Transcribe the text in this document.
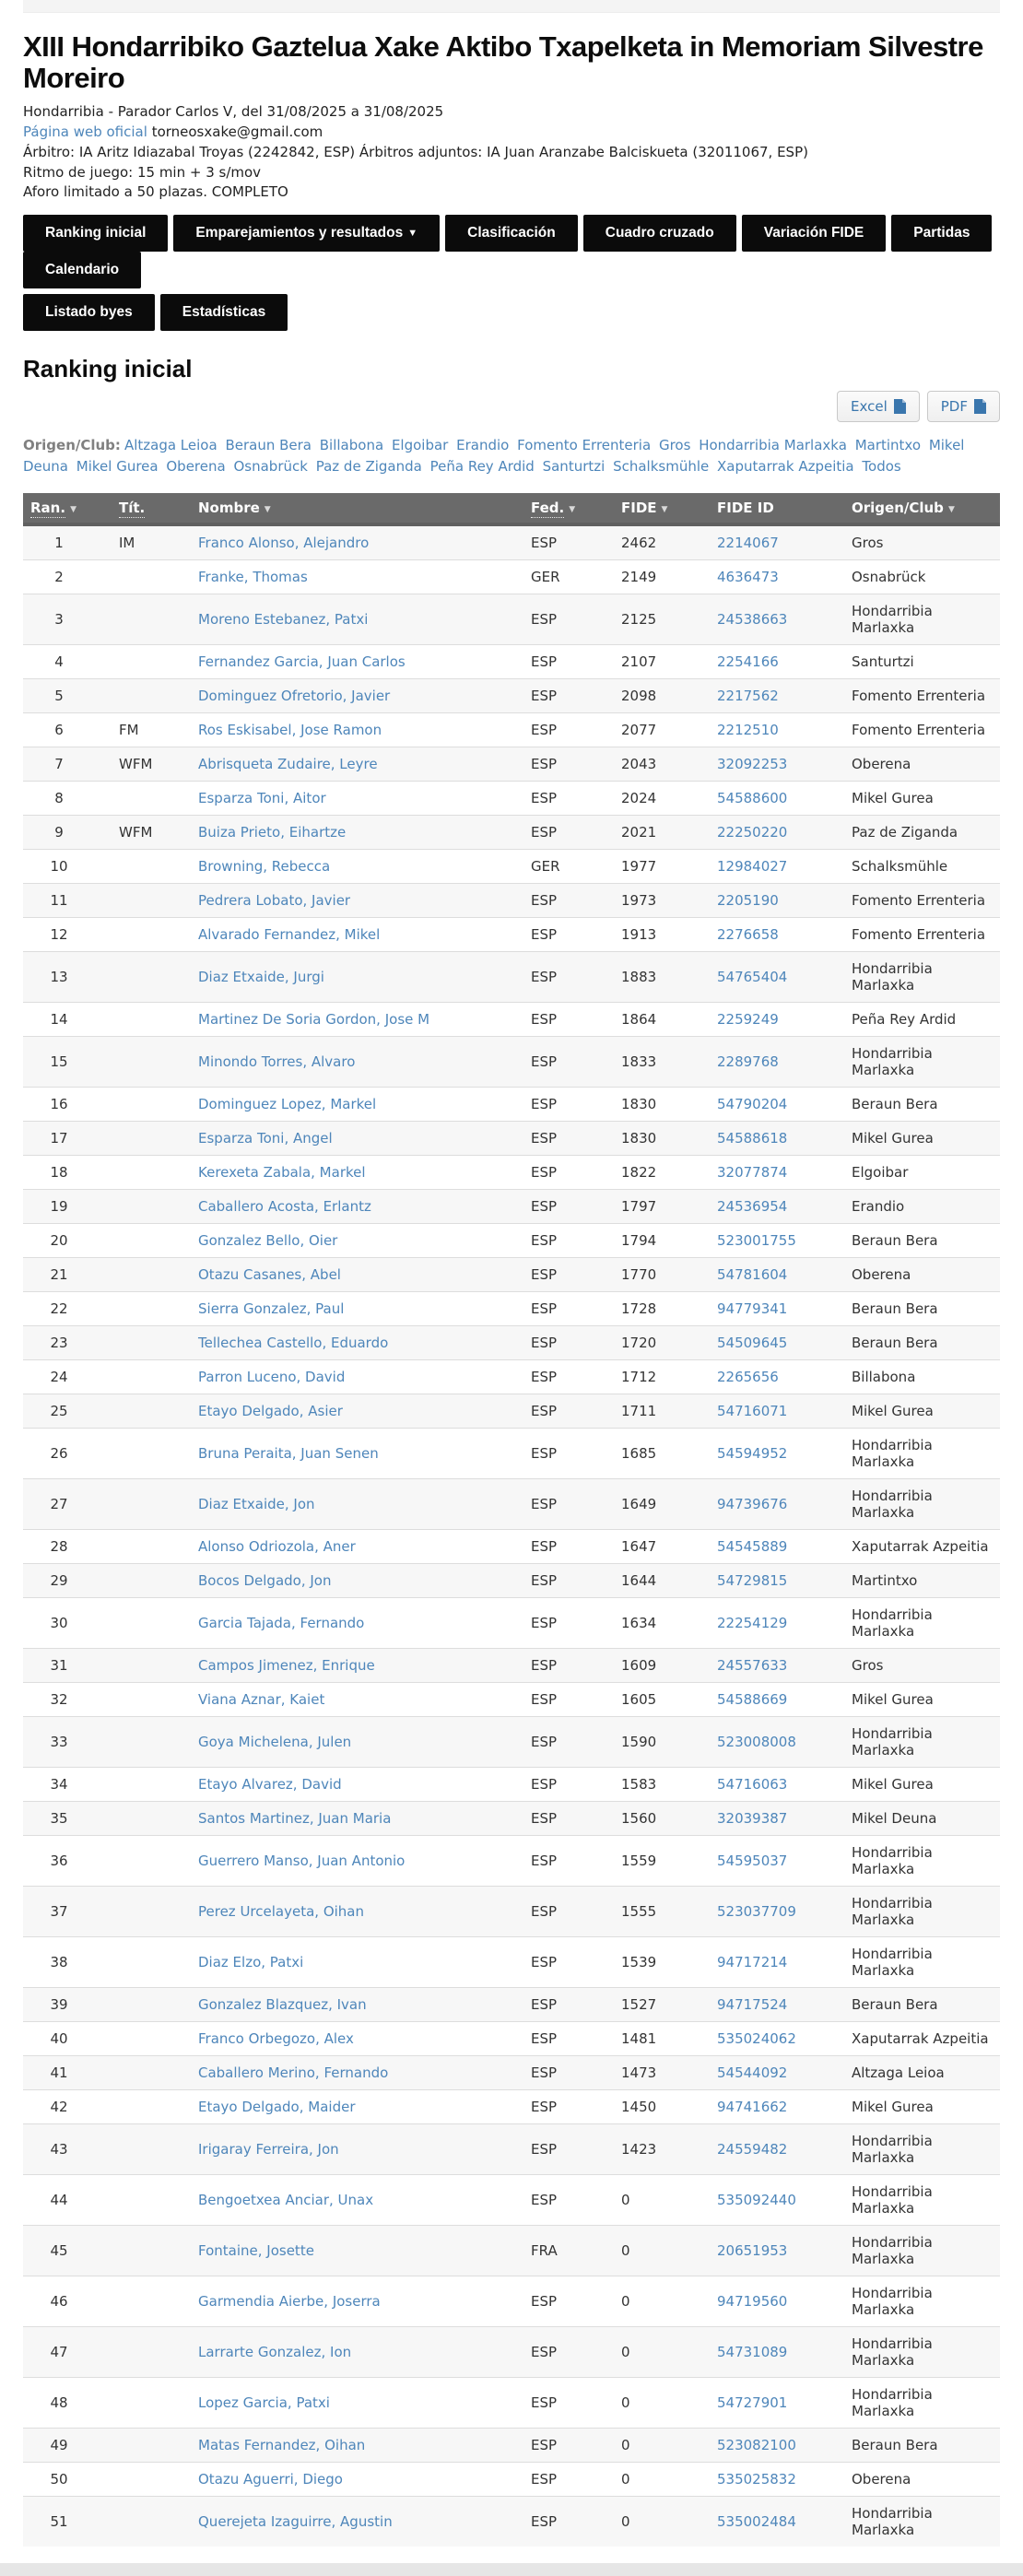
XIII Hondarribiko Gaztelua Xake Aktibo Txapelketa in Memoriam Silvestre Moreiro

Hondarribia - Parador Carlos V, del 31/08/2025 a 31/08/2025

Página web oficial torneosxake@gmail.com

Árbitro: IA Aritz Idiazabal Troyas (2242842, ESP) Árbitros adjuntos: IA Juan Aranzabe Balciskueta (32011067, ESP)

Ritmo de juego: 15 min + 3 s/mov

Aforo limitado a 50 plazas. COMPLETO

Ranking inicial	Emparejamientos y resultados ▼	Clasificación	Cuadro cruzado	Variación FIDE	Partidas
Calendario
Listado byes	Estadísticas
Ranking inicial
Excel	PDF
Origen/Club: Altzaga Leioa Beraun Bera Billabona Elgoibar Erandio Fomento Errenteria Gros Hondarribia Marlaxka Martintxo Mikel Deuna Mikel Gurea Oberena Osnabrück Paz de Ziganda Peña Rey Ardid Santurtzi Schalksmühle Xaputarrak Azpeitia Todos
Ran. ▼	Tít.	Nombre ▼	Fed. ▼	FIDE ▼	FIDE ID	Origen/Club ▼
1	IM	Franco Alonso, Alejandro	ESP	2462	2214067	Gros
2		Franke, Thomas	GER	2149	4636473	Osnabrück
3		Moreno Estebanez, Patxi	ESP	2125	24538663	Hondarribia Marlaxka
4		Fernandez Garcia, Juan Carlos	ESP	2107	2254166	Santurtzi
5		Dominguez Ofretorio, Javier	ESP	2098	2217562	Fomento Errenteria
6	FM	Ros Eskisabel, Jose Ramon	ESP	2077	2212510	Fomento Errenteria
7	WFM	Abrisqueta Zudaire, Leyre	ESP	2043	32092253	Oberena
8		Esparza Toni, Aitor	ESP	2024	54588600	Mikel Gurea
9	WFM	Buiza Prieto, Eihartze	ESP	2021	22250220	Paz de Ziganda
10		Browning, Rebecca	GER	1977	12984027	Schalksmühle
11		Pedrera Lobato, Javier	ESP	1973	2205190	Fomento Errenteria
12		Alvarado Fernandez, Mikel	ESP	1913	2276658	Fomento Errenteria
13		Diaz Etxaide, Jurgi	ESP	1883	54765404	Hondarribia Marlaxka
14		Martinez De Soria Gordon, Jose M	ESP	1864	2259249	Peña Rey Ardid
15		Minondo Torres, Alvaro	ESP	1833	2289768	Hondarribia Marlaxka
16		Dominguez Lopez, Markel	ESP	1830	54790204	Beraun Bera
17		Esparza Toni, Angel	ESP	1830	54588618	Mikel Gurea
18		Kerexeta Zabala, Markel	ESP	1822	32077874	Elgoibar
19		Caballero Acosta, Erlantz	ESP	1797	24536954	Erandio
20		Gonzalez Bello, Oier	ESP	1794	523001755	Beraun Bera
21		Otazu Casanes, Abel	ESP	1770	54781604	Oberena
22		Sierra Gonzalez, Paul	ESP	1728	94779341	Beraun Bera
23		Tellechea Castello, Eduardo	ESP	1720	54509645	Beraun Bera
24		Parron Luceno, David	ESP	1712	2265656	Billabona
25		Etayo Delgado, Asier	ESP	1711	54716071	Mikel Gurea
26		Bruna Peraita, Juan Senen	ESP	1685	54594952	Hondarribia Marlaxka
27		Diaz Etxaide, Jon	ESP	1649	94739676	Hondarribia Marlaxka
28		Alonso Odriozola, Aner	ESP	1647	54545889	Xaputarrak Azpeitia
29		Bocos Delgado, Jon	ESP	1644	54729815	Martintxo
30		Garcia Tajada, Fernando	ESP	1634	22254129	Hondarribia Marlaxka
31		Campos Jimenez, Enrique	ESP	1609	24557633	Gros
32		Viana Aznar, Kaiet	ESP	1605	54588669	Mikel Gurea
33		Goya Michelena, Julen	ESP	1590	523008008	Hondarribia Marlaxka
34		Etayo Alvarez, David	ESP	1583	54716063	Mikel Gurea
35		Santos Martinez, Juan Maria	ESP	1560	32039387	Mikel Deuna
36		Guerrero Manso, Juan Antonio	ESP	1559	54595037	Hondarribia Marlaxka
37		Perez Urcelayeta, Oihan	ESP	1555	523037709	Hondarribia Marlaxka
38		Diaz Elzo, Patxi	ESP	1539	94717214	Hondarribia Marlaxka
39		Gonzalez Blazquez, Ivan	ESP	1527	94717524	Beraun Bera
40		Franco Orbegozo, Alex	ESP	1481	535024062	Xaputarrak Azpeitia
41		Caballero Merino, Fernando	ESP	1473	54544092	Altzaga Leioa
42		Etayo Delgado, Maider	ESP	1450	94741662	Mikel Gurea
43		Irigaray Ferreira, Jon	ESP	1423	24559482	Hondarribia Marlaxka
44		Bengoetxea Anciar, Unax	ESP	0	535092440	Hondarribia Marlaxka
45		Fontaine, Josette	FRA	0	20651953	Hondarribia Marlaxka
46		Garmendia Aierbe, Joserra	ESP	0	94719560	Hondarribia Marlaxka
47		Larrarte Gonzalez, Ion	ESP	0	54731089	Hondarribia Marlaxka
48		Lopez Garcia, Patxi	ESP	0	54727901	Hondarribia Marlaxka
49		Matas Fernandez, Oihan	ESP	0	523082100	Beraun Bera
50		Otazu Aguerri, Diego	ESP	0	535025832	Oberena
51		Querejeta Izaguirre, Agustin	ESP	0	535002484	Hondarribia Marlaxka
